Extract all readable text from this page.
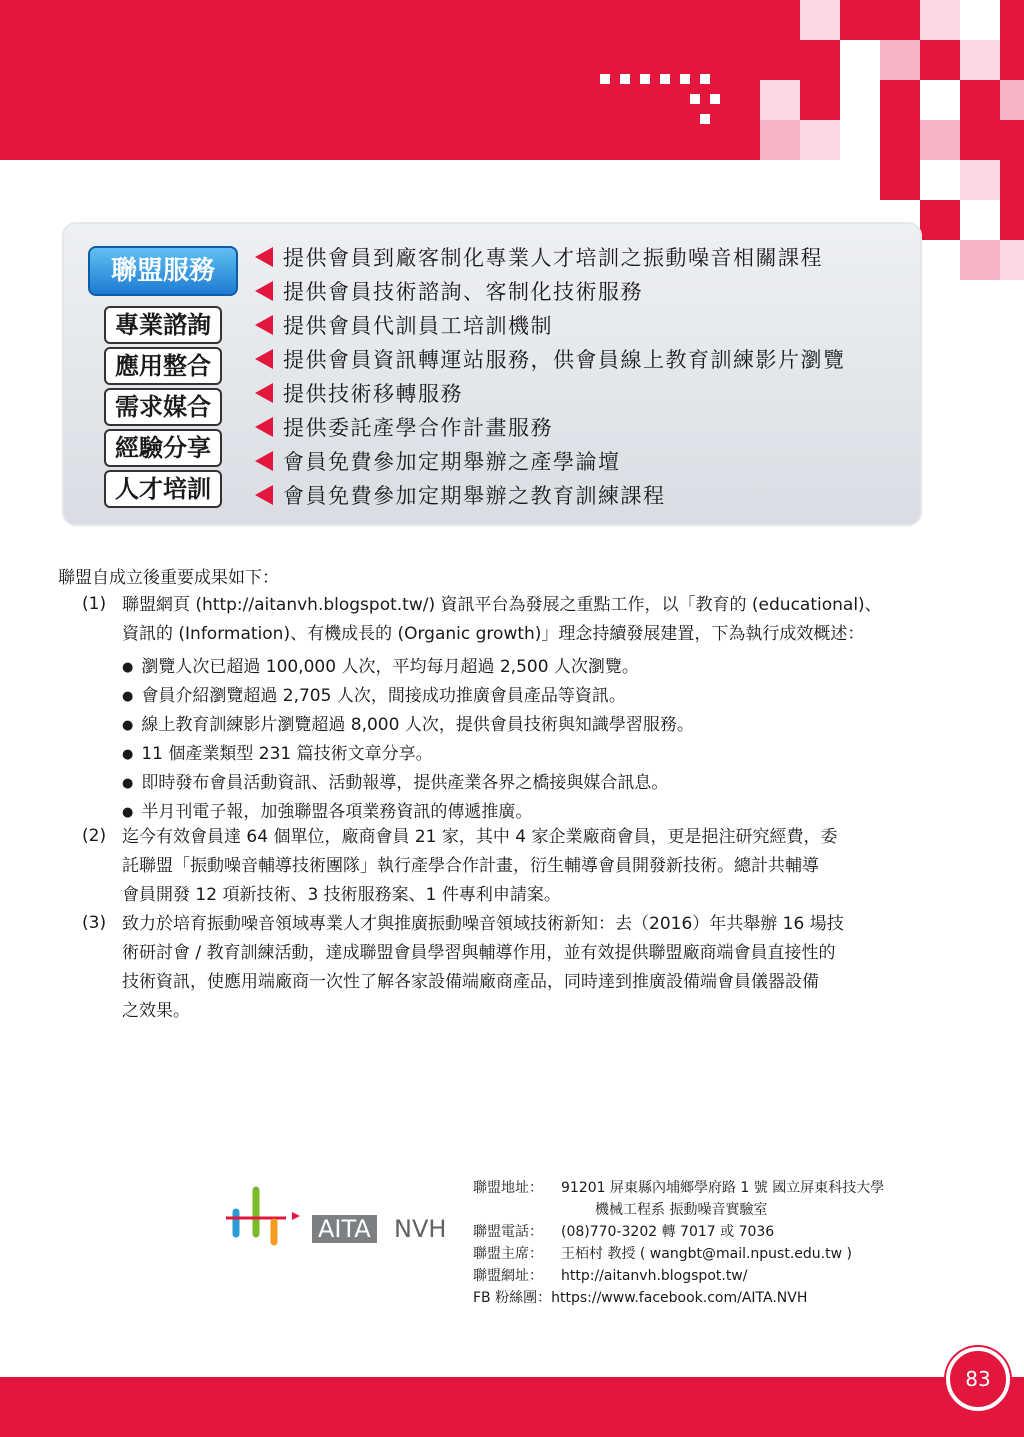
聯盟服務
專業諮詢
應用整合
需求媒合
經驗分享
人才培訓
提供會員到廠客制化專業人才培訓之振動噪音相關課程
提供會員技術諮詢、客制化技術服務
提供會員代訓員工培訓機制
提供會員資訊轉運站服務，供會員線上教育訓練影片瀏覽
提供技術移轉服務
提供委託產學合作計畫服務
會員免費參加定期舉辦之產學論壇
會員免費參加定期舉辦之教育訓練課程
聯盟自成立後重要成果如下：
(1) 聯盟網頁 (http://aitanvh.blogspot.tw/) 資訊平台為發展之重點工作，以「教育的 (educational)、
資訊的 (Information)、有機成長的 (Organic growth)」理念持續發展建置，下為執行成效概述：
● 瀏覽人次已超過 100,000 人次，平均每月超過 2,500 人次瀏覽。
● 會員介紹瀏覽超過 2,705 人次，間接成功推廣會員產品等資訊。
● 線上教育訓練影片瀏覽超過 8,000 人次，提供會員技術與知識學習服務。
● 11 個產業類型 231 篇技術文章分享。
● 即時發布會員活動資訊、活動報導，提供產業各界之橋接與媒合訊息。
● 半月刊電子報，加強聯盟各項業務資訊的傳遞推廣。
(2) 迄今有效會員達 64 個單位，廠商會員 21 家，其中 4 家企業廠商會員，更是挹注研究經費，委
託聯盟「振動噪音輔導技術團隊」執行產學合作計畫，衍生輔導會員開發新技術。總計共輔導
會員開發 12 項新技術、3 技術服務案、1 件專利申請案。
(3) 致力於培育振動噪音領域專業人才與推廣振動噪音領域技術新知：去（2016）年共舉辦 16 場技
術研討會 / 教育訓練活動，達成聯盟會員學習與輔導作用，並有效提供聯盟廠商端會員直接性的
技術資訊，使應用端廠商一次性了解各家設備端廠商產品，同時達到推廣設備端會員儀器設備
之效果。
AITA NVH
聯盟地址： 91201 屏東縣內埔鄉學府路 1 號 國立屏東科技大學
機械工程系 振動噪音實驗室
聯盟電話： (08)770-3202 轉 7017 或 7036
聯盟主席： 王栢村 教授 ( wangbt@mail.npust.edu.tw )
聯盟網址： http://aitanvh.blogspot.tw/
FB 粉絲團：https://www.facebook.com/AITA.NVH
83
